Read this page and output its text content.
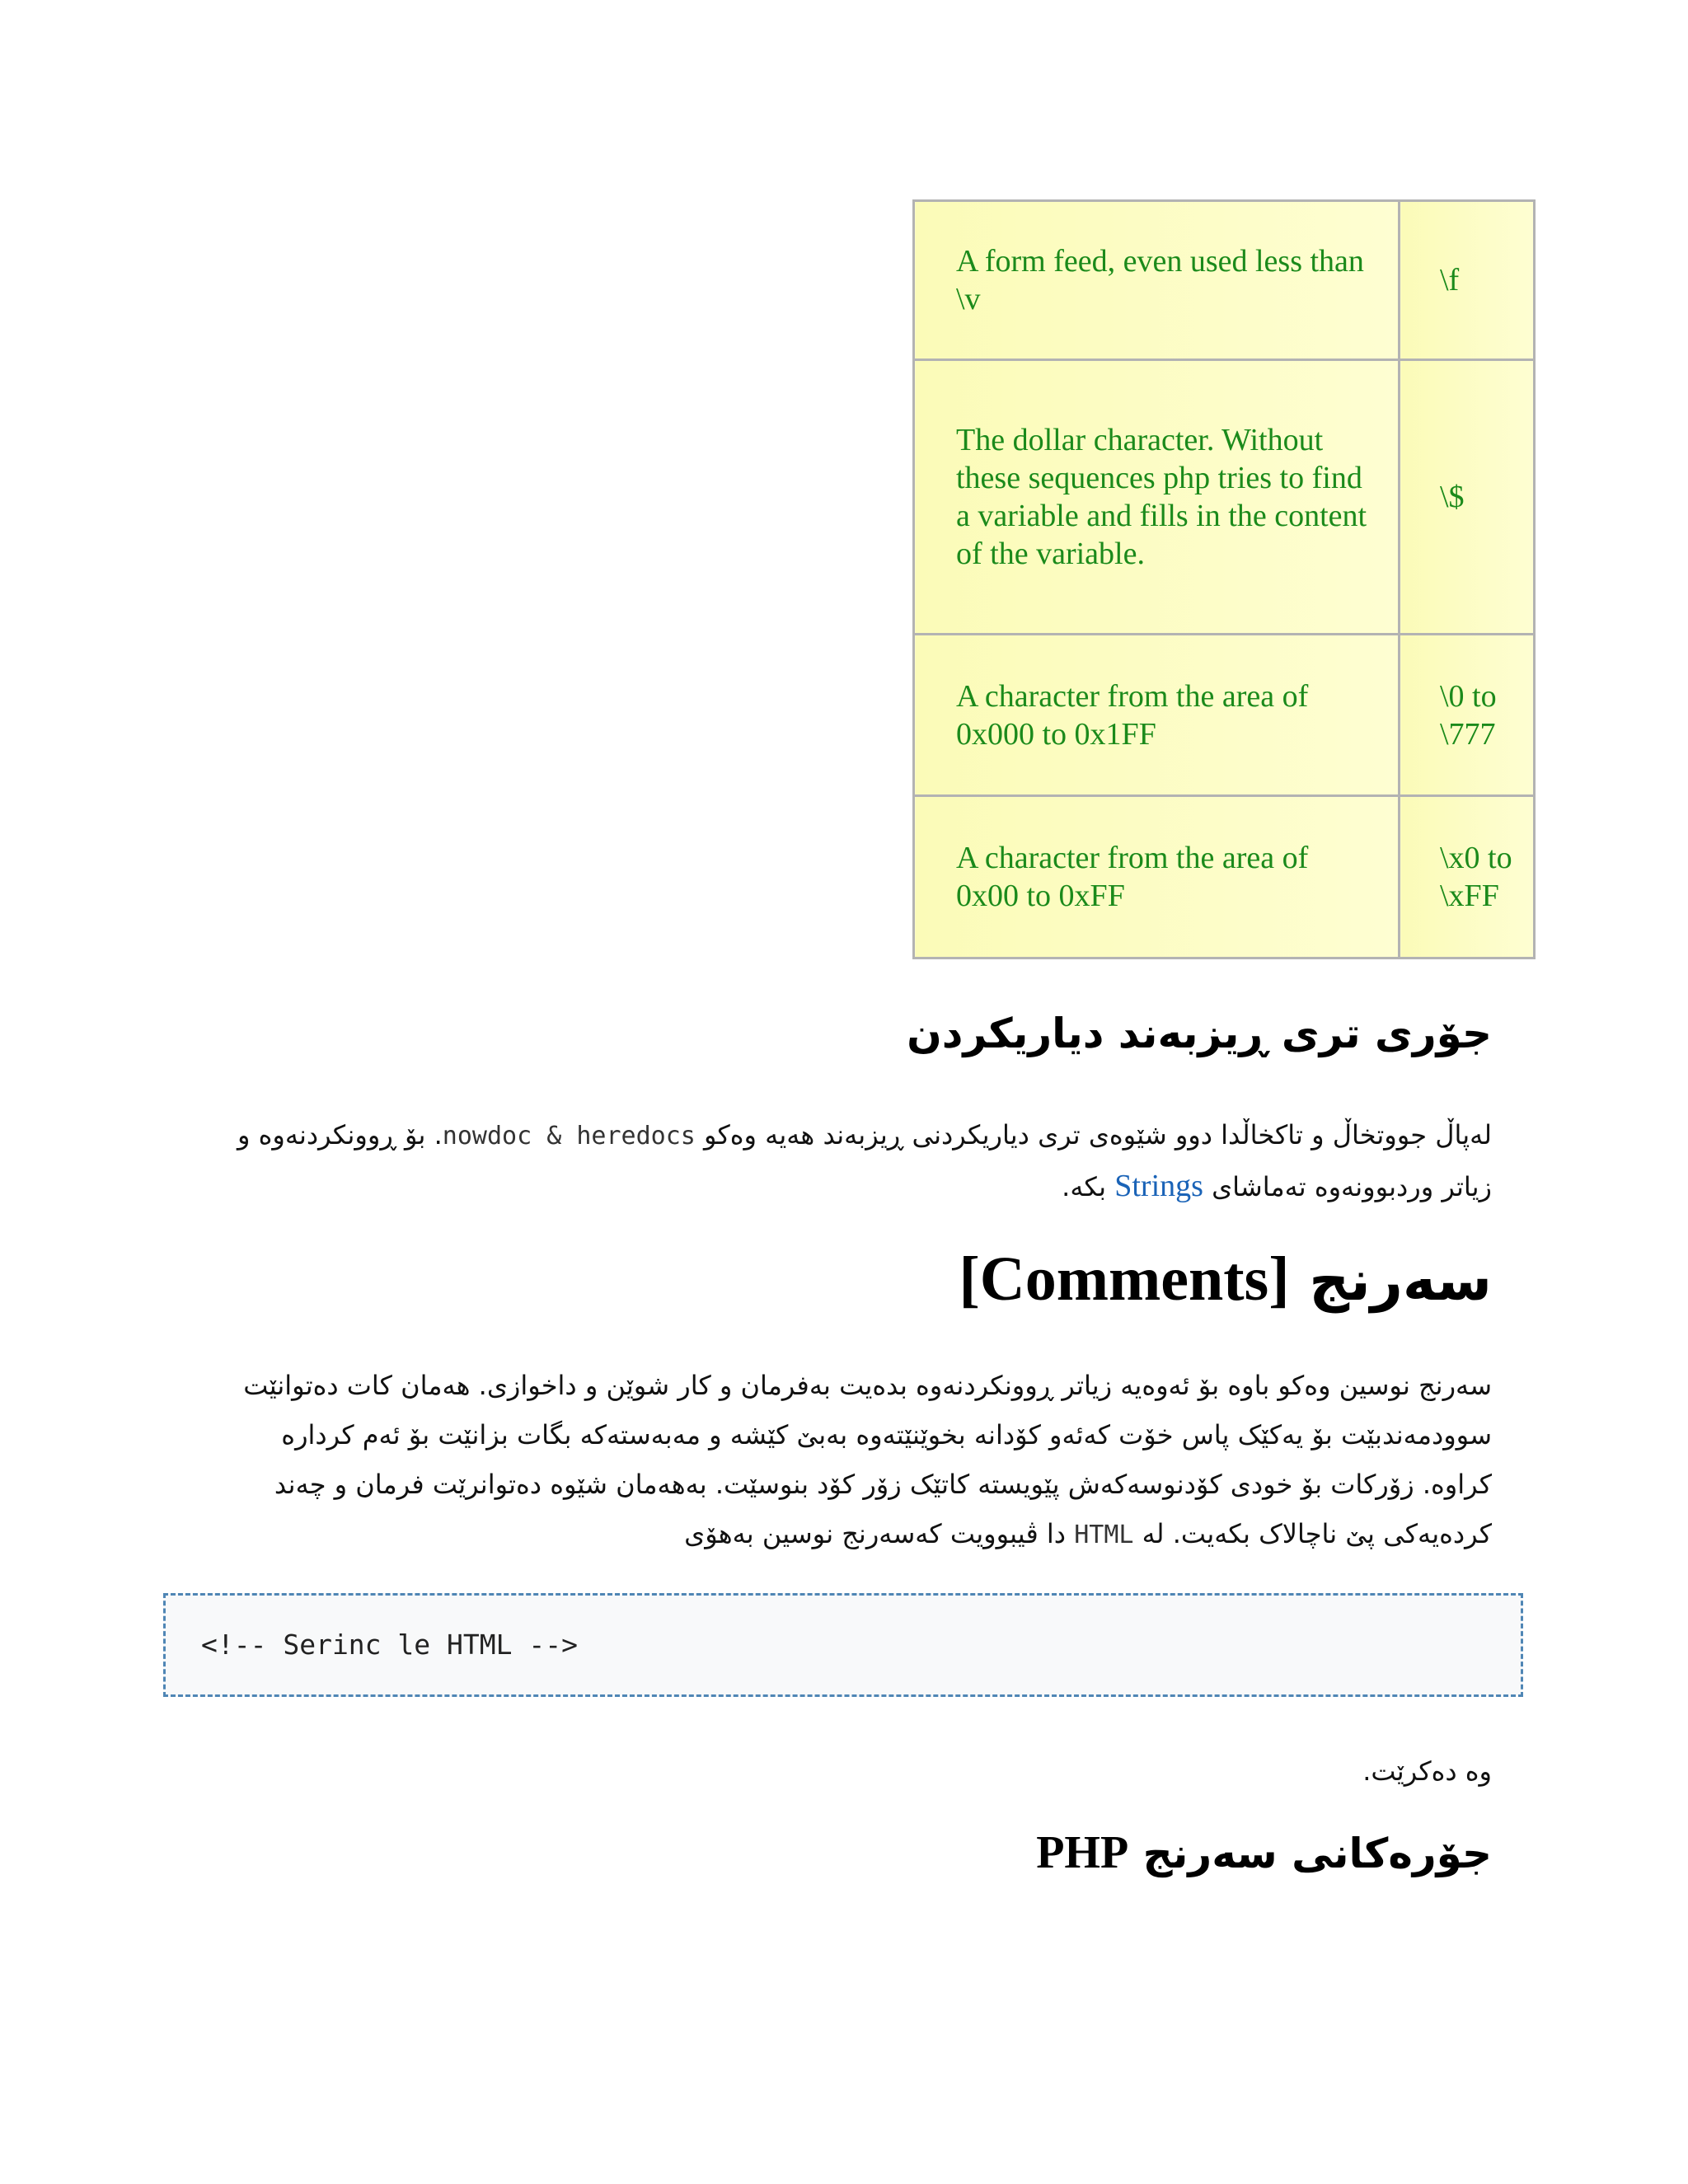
A form feed, even used less than \v	\f
The dollar character. Without these sequences php tries to find a variable and fills in the content of the variable.	\$
A character from the area of 0x000 to 0x1FF	\0 to \777
A character from the area of 0x00 to 0xFF	\x0 to \xFF
جۆری تری ڕیزبەند دیاریکردن

لەپاڵ جووتخاڵ و تاکخاڵدا دوو شێوەی تری دیاریکردنی ڕیزبەند هەیە وەکو nowdoc & heredocs. بۆ ڕوونکردنەوە و زیاتر وردبوونەوە تەماشای Strings بکە.

سەرنج [Comments]

سەرنج نوسین وەکو باوە بۆ ئەوەیە زیاتر ڕوونکردنەوە بدەیت بەفرمان و کار شوێن و داخوازی. هەمان کات دەتوانێت سوودمەندبێت بۆ یەکێک پاس خۆت کەئەو کۆدانە بخوێنێتەوە بەبێ کێشە و مەبەستەکە بگات بزانێت بۆ ئەم کرداره کراوە. زۆرکات بۆ خودی کۆدنوسەکەش پێویستە کاتێک زۆر کۆد بنوسێت. بەهەمان شێوە دەتوانرێت فرمان و چەند کردەیەکی پێ ناچالاک بکەیت. لە HTML دا ڤیبوویت کەسەرنج نوسین بەهۆی

<!-- Serinc le HTML -->

وە دەکرێت.

جۆرەکانی سەرنج PHP
